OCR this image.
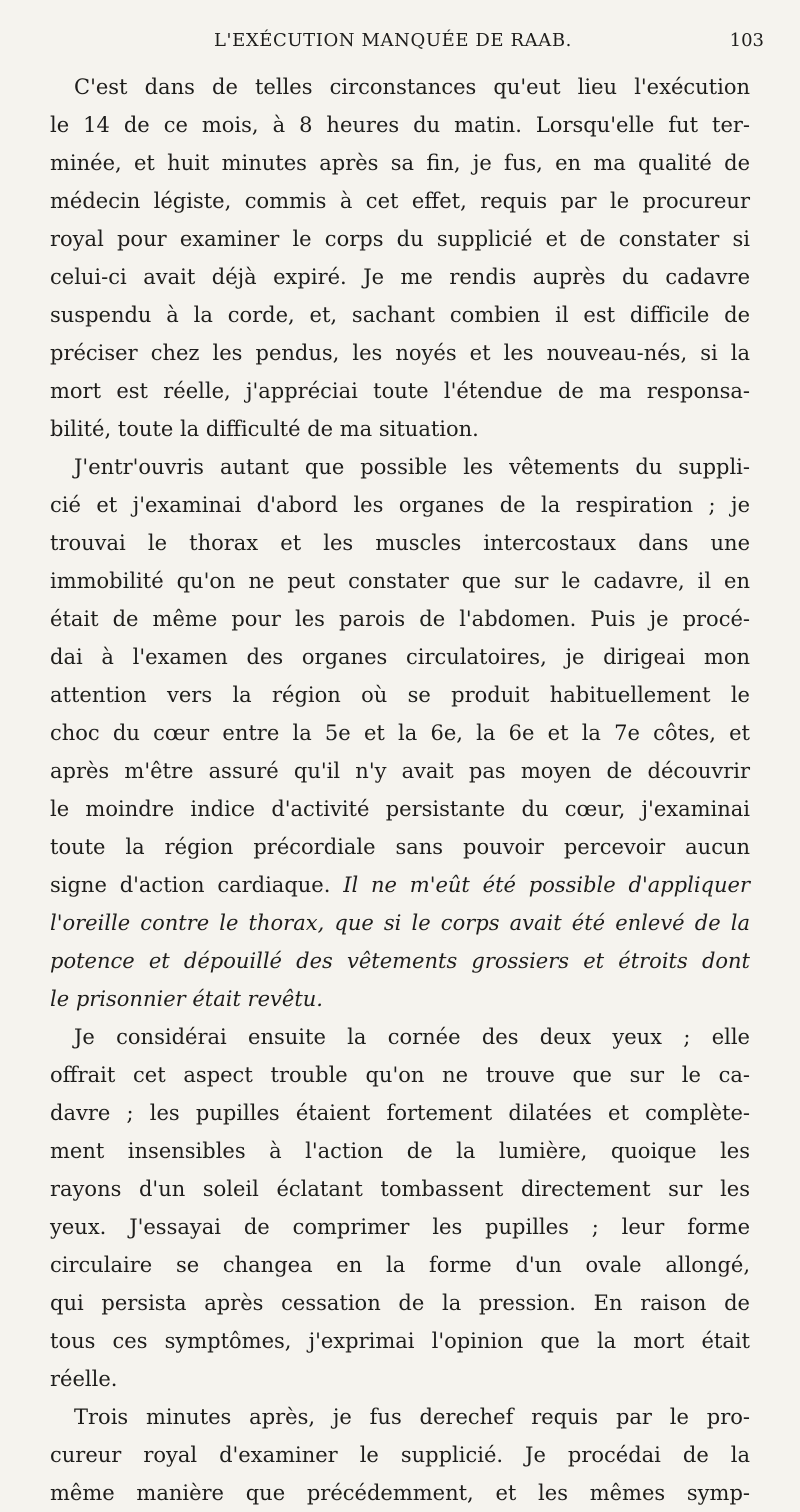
L'EXÉCUTION MANQUÉE DE RAAB.	103
C'est dans de telles circonstances qu'eut lieu l'exécution
le 14 de ce mois, à 8 heures du matin. Lorsqu'elle fut ter-
minée, et huit minutes après sa fin, je fus, en ma qualité de
médecin légiste, commis à cet effet, requis par le procureur
royal pour examiner le corps du supplicié et de constater si
celui-ci avait déjà expiré. Je me rendis auprès du cadavre
suspendu à la corde, et, sachant combien il est difficile de
préciser chez les pendus, les noyés et les nouveau-nés, si la
mort est réelle, j'appréciai toute l'étendue de ma responsa-
bilité, toute la difficulté de ma situation.
J'entr'ouvris autant que possible les vêtements du suppli-
cié et j'examinai d'abord les organes de la respiration ; je
trouvai le thorax et les muscles intercostaux dans une
immobilité qu'on ne peut constater que sur le cadavre, il en
était de même pour les parois de l'abdomen. Puis je procé-
dai à l'examen des organes circulatoires, je dirigeai mon
attention vers la région où se produit habituellement le
choc du cœur entre la 5e et la 6e, la 6e et la 7e côtes, et
après m'être assuré qu'il n'y avait pas moyen de découvrir
le moindre indice d'activité persistante du cœur, j'examinai
toute la région précordiale sans pouvoir percevoir aucun
signe d'action cardiaque. Il ne m'eût été possible d'appliquer
l'oreille contre le thorax, que si le corps avait été enlevé de la
potence et dépouillé des vêtements grossiers et étroits dont
le prisonnier était revêtu.
Je considérai ensuite la cornée des deux yeux ; elle
offrait cet aspect trouble qu'on ne trouve que sur le ca-
davre ; les pupilles étaient fortement dilatées et complète-
ment insensibles à l'action de la lumière, quoique les
rayons d'un soleil éclatant tombassent directement sur les
yeux. J'essayai de comprimer les pupilles ; leur forme
circulaire se changea en la forme d'un ovale allongé,
qui persista après cessation de la pression. En raison de
tous ces symptômes, j'exprimai l'opinion que la mort était
réelle.
Trois minutes après, je fus derechef requis par le pro-
cureur royal d'examiner le supplicié. Je procédai de la
même manière que précédemment, et les mêmes symp-
